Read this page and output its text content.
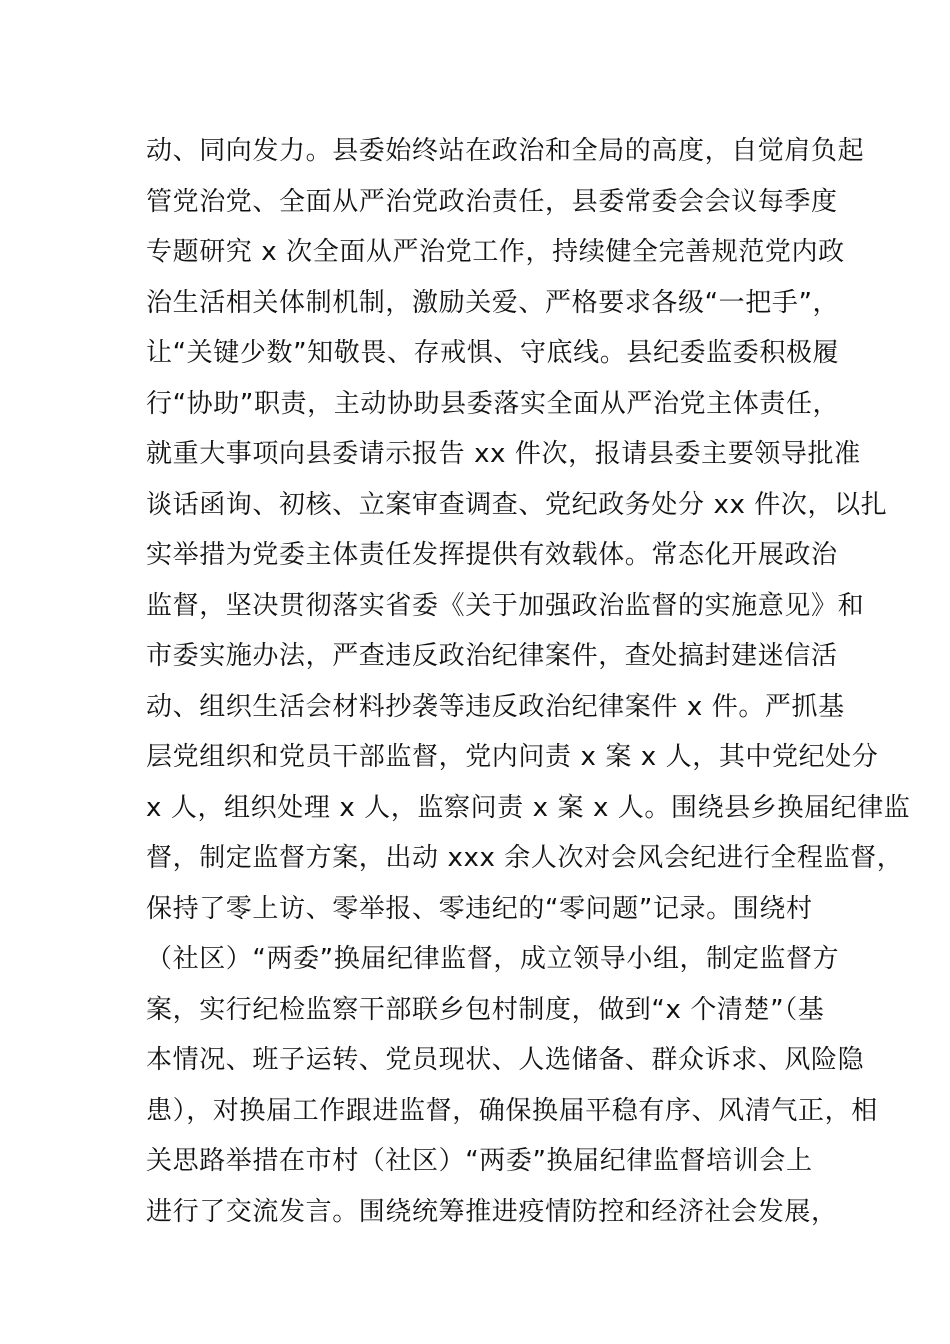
动、同向发力。县委始终站在政治和全局的高度，自觉肩负起
管党治党、全面从严治党政治责任，县委常委会会议每季度
专题研究 x 次全面从严治党工作，持续健全完善规范党内政
治生活相关体制机制，激励关爱、严格要求各级“一把手”，
让“关键少数”知敬畏、存戒惧、守底线。县纪委监委积极履
行“协助”职责，主动协助县委落实全面从严治党主体责任，
就重大事项向县委请示报告 xx 件次，报请县委主要领导批准
谈话函询、初核、立案审查调查、党纪政务处分 xx 件次，以扎
实举措为党委主体责任发挥提供有效载体。常态化开展政治
监督，坚决贯彻落实省委《关于加强政治监督的实施意见》和
市委实施办法，严查违反政治纪律案件，查处搞封建迷信活
动、组织生活会材料抄袭等违反政治纪律案件 x 件。严抓基
层党组织和党员干部监督，党内问责 x 案 x 人，其中党纪处分
x 人，组织处理 x 人，监察问责 x 案 x 人。围绕县乡换届纪律监
督，制定监督方案，出动 xxx 余人次对会风会纪进行全程监督，
保持了零上访、零举报、零违纪的“零问题”记录。围绕村
（社区）“两委”换届纪律监督，成立领导小组，制定监督方
案，实行纪检监察干部联乡包村制度，做到“x 个清楚”（基
本情况、班子运转、党员现状、人选储备、群众诉求、风险隐
患），对换届工作跟进监督，确保换届平稳有序、风清气正，相
关思路举措在市村（社区）“两委”换届纪律监督培训会上
进行了交流发言。围绕统筹推进疫情防控和经济社会发展，
